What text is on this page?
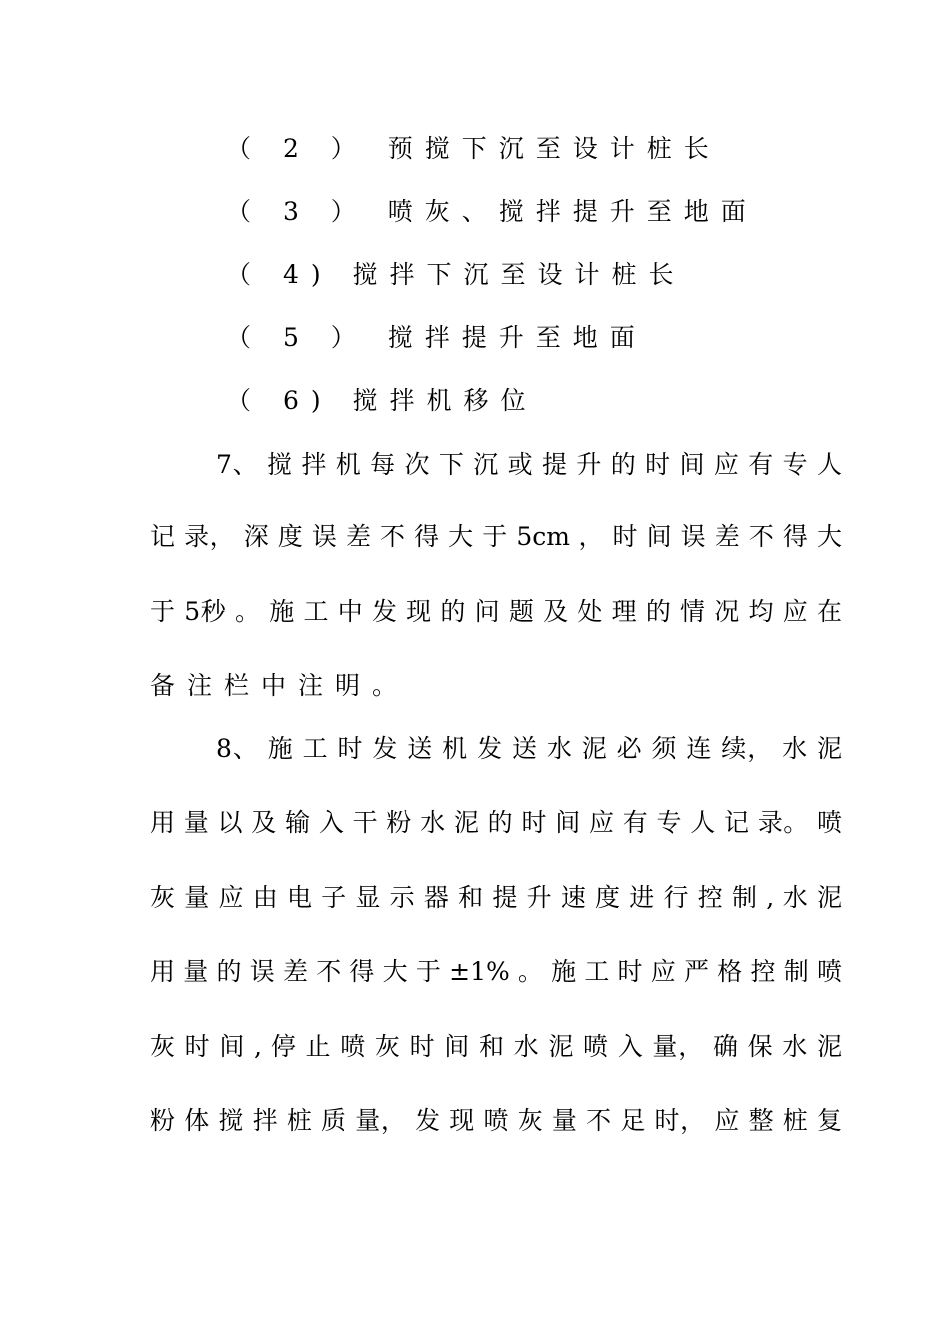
（ 2 ） 预搅下沉至设计桩长
（ 3 ） 喷灰、搅拌提升至地面
（ 4) 搅拌下沉至设计桩长
（ 5 ） 搅拌提升至地面
（ 6) 搅拌机移位
7、 搅 拌 机 每 次 下 沉 或 提 升 的 时 间 应 有 专 人
记 录， 深 度 误 差 不 得 大 于 5cm ， 时 间 误 差 不 得 大
于 5秒 。 施 工 中 发 现 的 问 题 及 处 理 的 情 况 均 应 在
备注栏中注明。
8、 施 工 时 发 送 机 发 送 水 泥 必 须 连 续， 水 泥
用 量 以 及 输 入 干 粉 水 泥 的 时 间 应 有 专 人 记 录。 喷
灰 量 应 由 电 子 显 示 器 和 提 升 速 度 进 行 控 制 , 水 泥
用 量 的 误 差 不 得 大 于 ±1% 。 施 工 时 应 严 格 控 制 喷
灰 时 间 , 停 止 喷 灰 时 间 和 水 泥 喷 入 量， 确 保 水 泥
粉 体 搅 拌 桩 质 量， 发 现 喷 灰 量 不 足 时， 应 整 桩 复
